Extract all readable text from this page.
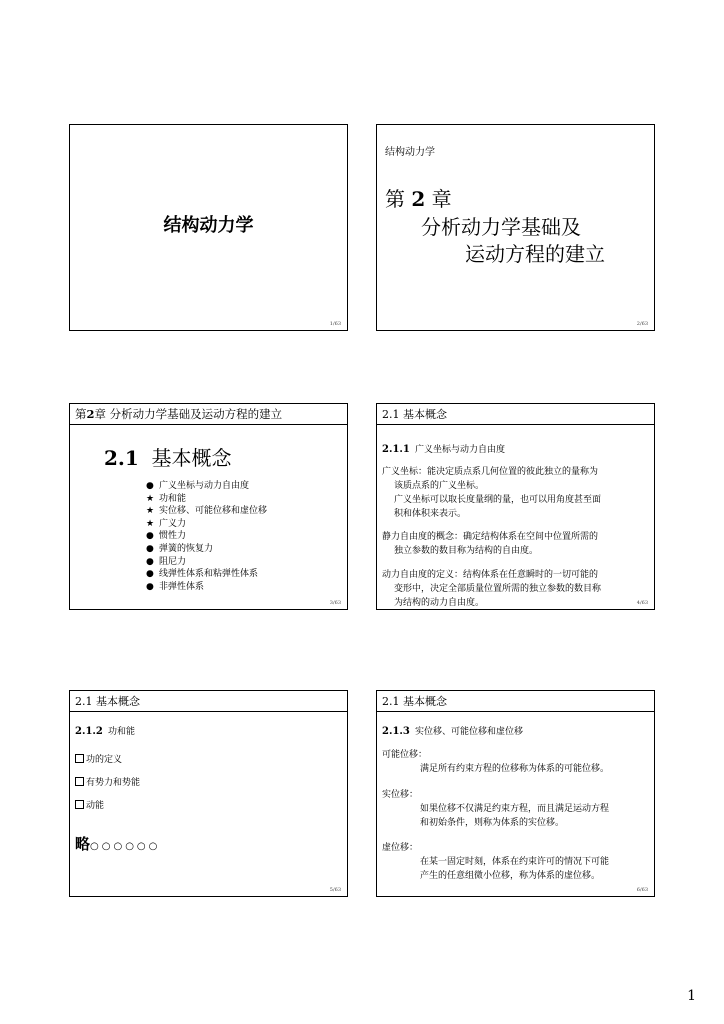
结构动力学
1/63
结构动力学
第 2 章
分析动力学基础及
运动方程的建立
2/63
第2章 分析动力学基础及运动方程的建立
2.1 基本概念
● 广义坐标与动力自由度
★ 功和能
★ 实位移、可能位移和虚位移
★ 广义力
● 惯性力
● 弹簧的恢复力
● 阻尼力
● 线弹性体系和粘弹性体系
● 非弹性体系
3/63
2.1 基本概念
2.1.1 广义坐标与动力自由度
广义坐标：能决定质点系几何位置的彼此独立的量称为
该质点系的广义坐标。
广义坐标可以取长度量纲的量，也可以用角度甚至面
积和体积来表示。
静力自由度的概念：确定结构体系在空间中位置所需的
独立参数的数目称为结构的自由度。
动力自由度的定义：结构体系在任意瞬时的一切可能的
变形中，决定全部质量位置所需的独立参数的数目称
为结构的动力自由度。	4/63
2.1 基本概念
2.1.2 功和能
功的定义
有势力和势能
动能
略○○○○○○
5/63
2.1 基本概念
2.1.3 实位移、可能位移和虚位移
可能位移：
满足所有约束方程的位移称为体系的可能位移。
实位移：
如果位移不仅满足约束方程，而且满足运动方程
和初始条件，则称为体系的实位移。
虚位移：
在某一固定时刻，体系在约束许可的情况下可能
产生的任意组微小位移，称为体系的虚位移。
6/63
1
